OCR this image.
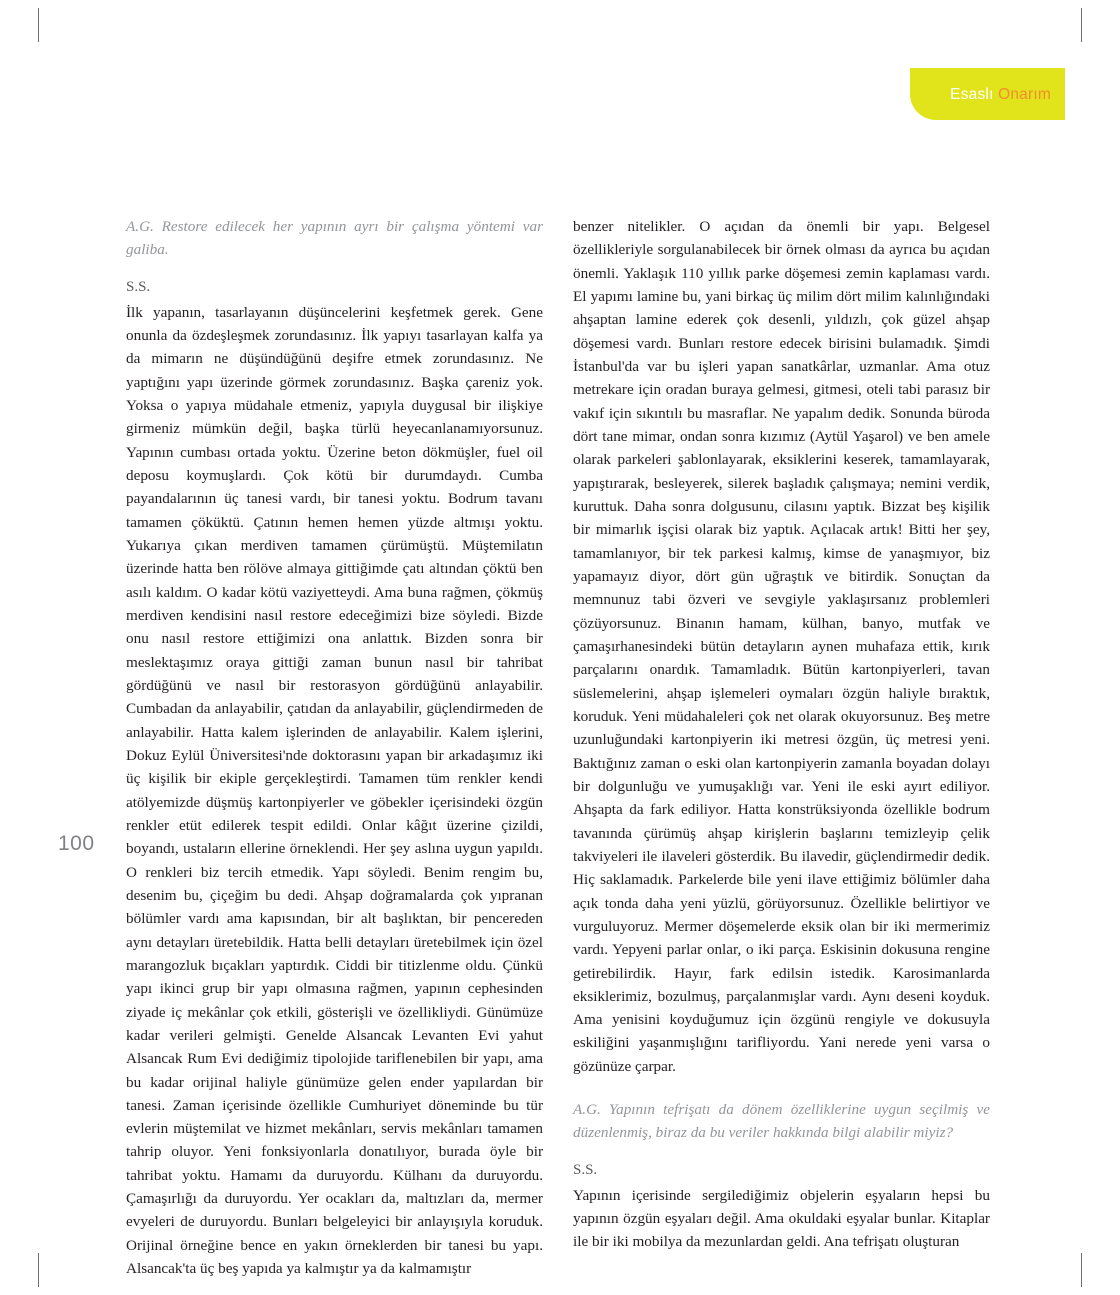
Esaslı Onarım
100

A.G. Restore edilecek her yapının ayrı bir çalışma yöntemi var galiba.

S.S.

İlk yapanın, tasarlayanın düşüncelerini keşfetmek gerek. Gene onunla da özdeşleşmek zorundasınız. İlk yapıyı tasarlayan kalfa ya da mimarın ne düşündüğünü deşifre etmek zorundasınız. Ne yaptığını yapı üzerinde görmek zorundasınız. Başka çareniz yok. Yoksa o yapıya müdahale etmeniz, yapıyla duygusal bir ilişkiye girmeniz mümkün değil, başka türlü heyecanlanamıyorsunuz. Yapının cumbası ortada yoktu. Üzerine beton dökmüşler, fuel oil deposu koymuşlardı. Çok kötü bir durumdaydı. Cumba payandalarının üç tanesi vardı, bir tanesi yoktu. Bodrum tavanı tamamen çöküktü. Çatının hemen hemen yüzde altmışı yoktu. Yukarıya çıkan merdiven tamamen çürümüştü. Müştemilatın üzerinde hatta ben rölöve almaya gittiğimde çatı altından çöktü ben asılı kaldım. O kadar kötü vaziyetteydi. Ama buna rağmen, çökmüş merdiven kendisini nasıl restore edeceğimizi bize söyledi. Bizde onu nasıl restore ettiğimizi ona anlattık. Bizden sonra bir meslektaşımız oraya gittiği zaman bunun nasıl bir tahribat gördüğünü ve nasıl bir restorasyon gördüğünü anlayabilir. Cumbadan da anlayabilir, çatıdan da anlayabilir, güçlendirmeden de anlayabilir. Hatta kalem işlerinden de anlayabilir. Kalem işlerini, Dokuz Eylül Üniversitesi'nde doktorasını yapan bir arkadaşımız iki üç kişilik bir ekiple gerçekleştirdi. Tamamen tüm renkler kendi atölyemizde düşmüş kartonpiyerler ve göbekler içerisindeki özgün renkler etüt edilerek tespit edildi. Onlar kâğıt üzerine çizildi, boyandı, ustaların ellerine örneklendi. Her şey aslına uygun yapıldı. O renkleri biz tercih etmedik. Yapı söyledi. Benim rengim bu, desenim bu, çiçeğim bu dedi. Ahşap doğramalarda çok yıpranan bölümler vardı ama kapısından, bir alt başlıktan, bir pencereden aynı detayları üretebildik. Hatta belli detayları üretebilmek için özel marangozluk bıçakları yaptırdık. Ciddi bir titizlenme oldu. Çünkü yapı ikinci grup bir yapı olmasına rağmen, yapının cephesinden ziyade iç mekânlar çok etkili, gösterişli ve özellikliydi. Günümüze kadar verileri gelmişti. Genelde Alsancak Levanten Evi yahut Alsancak Rum Evi dediğimiz tipolojide tariflenebilen bir yapı, ama bu kadar orijinal haliyle günümüze gelen ender yapılardan bir tanesi. Zaman içerisinde özellikle Cumhuriyet döneminde bu tür evlerin müştemilat ve hizmet mekânları, servis mekânları tamamen tahrip oluyor. Yeni fonksiyonlarla donatılıyor, burada öyle bir tahribat yoktu. Hamamı da duruyordu. Külhanı da duruyordu. Çamaşırlığı da duruyordu. Yer ocakları da, maltızları da, mermer evyeleri de duruyordu. Bunları belgeleyici bir anlayışıyla koruduk. Orijinal örneğine bence en yakın örneklerden bir tanesi bu yapı. Alsancak'ta üç beş yapıda ya kalmıştır ya da kalmamıştır

benzer nitelikler. O açıdan da önemli bir yapı. Belgesel özellikleriyle sorgulanabilecek bir örnek olması da ayrıca bu açıdan önemli. Yaklaşık 110 yıllık parke döşemesi zemin kaplaması vardı. El yapımı lamine bu, yani birkaç üç milim dört milim kalınlığındaki ahşaptan lamine ederek çok desenli, yıldızlı, çok güzel ahşap döşemesi vardı. Bunları restore edecek birisini bulamadık. Şimdi İstanbul'da var bu işleri yapan sanatkârlar, uzmanlar. Ama otuz metrekare için oradan buraya gelmesi, gitmesi, oteli tabi parasız bir vakıf için sıkıntılı bu masraflar. Ne yapalım dedik. Sonunda büroda dört tane mimar, ondan sonra kızımız (Aytül Yaşarol) ve ben amele olarak parkeleri şablonlayarak, eksiklerini keserek, tamamlayarak, yapıştırarak, besleyerek, silerek başladık çalışmaya; nemini verdik, kuruttuk. Daha sonra dolgusunu, cilasını yaptık. Bizzat beş kişilik bir mimarlık işçisi olarak biz yaptık. Açılacak artık! Bitti her şey, tamamlanıyor, bir tek parkesi kalmış, kimse de yanaşmıyor, biz yapamayız diyor, dört gün uğraştık ve bitirdik. Sonuçtan da memnunuz tabi özveri ve sevgiyle yaklaşırsanız problemleri çözüyorsunuz. Binanın hamam, külhan, banyo, mutfak ve çamaşırhanesindeki bütün detayların aynen muhafaza ettik, kırık parçalarını onardık. Tamamladık. Bütün kartonpiyerleri, tavan süslemelerini, ahşap işlemeleri oymaları özgün haliyle bıraktık, koruduk. Yeni müdahaleleri çok net olarak okuyorsunuz. Beş metre uzunluğundaki kartonpiyerin iki metresi özgün, üç metresi yeni. Baktığınız zaman o eski olan kartonpiyerin zamanla boyadan dolayı bir dolgunluğu ve yumuşaklığı var. Yeni ile eski ayırt ediliyor. Ahşapta da fark ediliyor. Hatta konstrüksiyonda özellikle bodrum tavanında çürümüş ahşap kirişlerin başlarını temizleyip çelik takviyeleri ile ilaveleri gösterdik. Bu ilavedir, güçlendirmedir dedik. Hiç saklamadık. Parkelerde bile yeni ilave ettiğimiz bölümler daha açık tonda daha yeni yüzlü, görüyorsunuz. Özellikle belirtiyor ve vurguluyoruz. Mermer döşemelerde eksik olan bir iki mermerimiz vardı. Yepyeni parlar onlar, o iki parça. Eskisinin dokusuna rengine getirebilirdik. Hayır, fark edilsin istedik. Karosimanlarda eksiklerimiz, bozulmuş, parçalanmışlar vardı. Aynı deseni koyduk. Ama yenisini koyduğumuz için özgünü rengiyle ve dokusuyla eskiliğini yaşanmışlığını tarifliyordu. Yani nerede yeni varsa o gözünüze çarpar.

A.G. Yapının tefrişatı da dönem özelliklerine uygun seçilmiş ve düzenlenmiş, biraz da bu veriler hakkında bilgi alabilir miyiz?

S.S.

Yapının içerisinde sergilediğimiz objelerin eşyaların hepsi bu yapının özgün eşyaları değil. Ama okuldaki eşyalar bunlar. Kitaplar ile bir iki mobilya da mezunlardan geldi. Ana tefrişatı oluşturan
